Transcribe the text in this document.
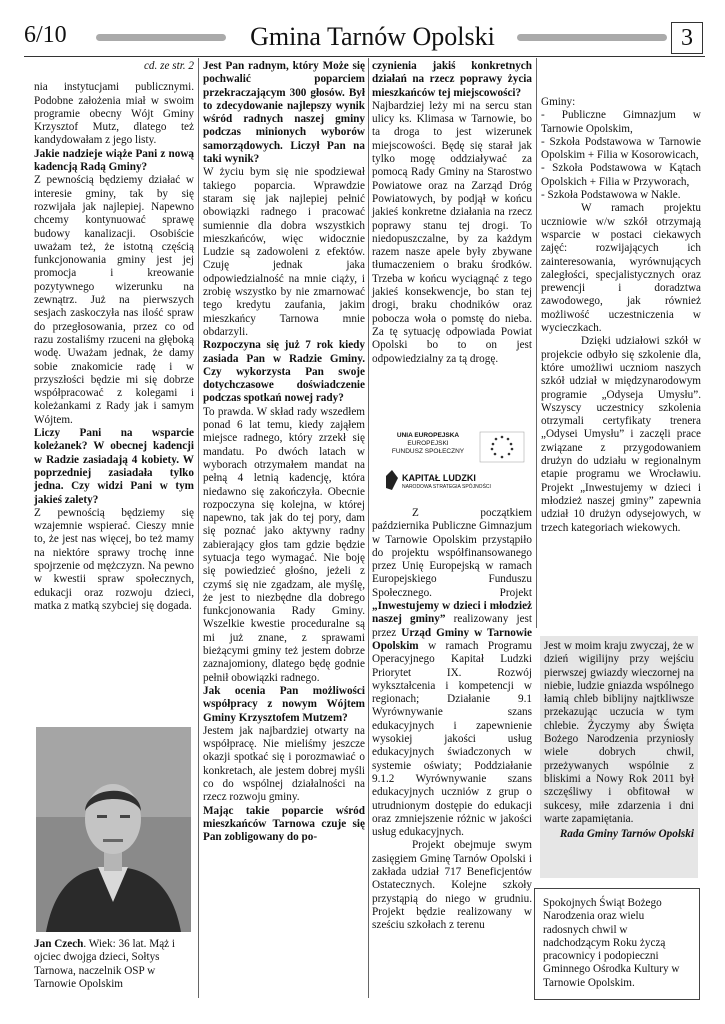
6/10	Gmina Tarnów Opolski	3

cd. ze str. 2

nia instytucjami publicznymi. Podobne założenia miał w swoim programie obecny Wójt Gminy Krzysztof Mutz, dlatego też kandydowałam z jego listy.

Jakie nadzieje wiąże Pani z nową kadencją Radą Gminy?

Z pewnością będziemy działać w interesie gminy, tak by się rozwijała jak najlepiej. Napewno chcemy kontynuować sprawę budowy kanalizacji. Osobiście uważam też, że istotną częścią funkcjonowania gminy jest jej promocja i kreowanie pozytywnego wizerunku na zewnątrz. Już na pierwszych sesjach zaskoczyła nas ilość spraw do przegłosowania, przez co od razu zostaliśmy rzuceni na głęboką wodę. Uważam jednak, że damy sobie znakomicie radę i w przyszłości będzie mi się dobrze współpracować z kolegami i koleżankami z Rady jak i samym Wójtem.

Liczy Pani na wsparcie koleżanek? W obecnej kadencji w Radzie zasiadają 4 kobiety. W poprzedniej zasiadała tylko jedna. Czy widzi Pani w tym jakieś zalety?

Z pewnością będziemy się wzajemnie wspierać. Cieszy mnie to, że jest nas więcej, bo też mamy na niektóre sprawy trochę inne spojrzenie od mężczyzn. Na pewno w kwestii spraw społecznych, edukacji oraz rozwoju dzieci, matka z matką szybciej się dogada.

Jan Czech. Wiek: 36 lat. Mąż i ojciec dwojga dzieci, Sołtys Tarnowa, naczelnik OSP w Tarnowie Opolskim

Jest Pan radnym, który Może się pochwalić poparciem przekraczającym 300 głosów. Był to zdecydowanie najlepszy wynik wśród radnych naszej gminy podczas minionych wyborów samorządowych. Liczył Pan na taki wynik?

W życiu bym się nie spodziewał takiego poparcia. Wprawdzie staram się jak najlepiej pełnić obowiązki radnego i pracować sumiennie dla dobra wszystkich mieszkańców, więc widocznie Ludzie są zadowoleni z efektów. Czuję jednak jaka odpowiedzialność na mnie ciąży, i zrobię wszystko by nie zmarnować tego kredytu zaufania, jakim mieszkańcy Tarnowa mnie obdarzyli.

Rozpoczyna się już 7 rok kiedy zasiada Pan w Radzie Gminy. Czy wykorzysta Pan swoje dotychczasowe doświadczenie podczas spotkań nowej rady?

To prawda. W skład rady wszedłem ponad 6 lat temu, kiedy zająłem miejsce radnego, który zrzekł się mandatu. Po dwóch latach w wyborach otrzymałem mandat na pełną 4 letnią kadencję, która niedawno się zakończyła. Obecnie rozpoczyna się kolejna, w której napewno, tak jak do tej pory, dam się poznać jako aktywny radny zabierający głos tam gdzie będzie sytuacja tego wymagać. Nie boję się powiedzieć głośno, jeżeli z czymś się nie zgadzam, ale myślę, że jest to niezbędne dla dobrego funkcjonowania Rady Gminy. Wszelkie kwestie proceduralne są mi już znane, z sprawami bieżącymi gminy też jestem dobrze zaznajomiony, dlatego będę godnie pełnił obowiązki radnego.

Jak ocenia Pan możliwości współpracy z nowym Wójtem Gminy Krzysztofem Mutzem?

Jestem jak najbardziej otwarty na współpracę. Nie mieliśmy jeszcze okazji spotkać się i porozmawiać o konkretach, ale jestem dobrej myśli co do wspólnej działalności na rzecz rozwoju gminy.

Mając takie poparcie wśród mieszkańców Tarnowa czuje się Pan zobligowany do po-

czynienia jakiś konkretnych działań na rzecz poprawy życia mieszkańców tej miejscowości?

Najbardziej leży mi na sercu stan ulicy ks. Klimasa w Tarnowie, bo ta droga to jest wizerunek miejscowości. Będę się starał jak tylko mogę oddziaływać za pomocą Rady Gminy na Starostwo Powiatowe oraz na Zarząd Dróg Powiatowych, by podjął w końcu jakieś konkretne działania na rzecz poprawy stanu tej drogi. To niedopuszczalne, by za każdym razem nasze apele były zbywane tłumaczeniem o braku środków. Trzeba w końcu wyciągnąć z tego jakieś konsekwencje, bo stan tej drogi, braku chodników oraz poboczа woła o pomstę do nieba. Za tę sytuację odpowiada Powiat Opolski bo to on jest odpowiedzialny za tą drogę.

UNIA EUROPEJSKA
EUROPEJSKI
FUNDUSZ SPOŁECZNY
KAPITAŁ LUDZKI
NARODOWA STRATEGIA SPÓJNOŚCI

Z początkiem października Publiczne Gimnazjum w Tarnowie Opolskim przystąpiło do projektu współfinansowanego przez Unię Europejską w ramach Europejskiego Funduszu Społecznego. Projekt „Inwestujemy w dzieci i młodzież naszej gminy” realizowany jest przez Urząd Gminy w Tarnowie Opolskim w ramach Programu Operacyjnego Kapitał Ludzki Priorytet IX. Rozwój wykształcenia i kompetencji w regionach; Działanie 9.1 Wyrównywanie szans edukacyjnych i zapewnienie wysokiej jakości usług edukacyjnych świadczonych w systemie oświaty; Poddziałanie 9.1.2 Wyrównywanie szans edukacyjnych uczniów z grup o utrudnionym dostępie do edukacji oraz zmniejszenie różnic w jakości usług edukacyjnych.

Projekt obejmuje swym zasięgiem Gminę Tarnów Opolski i zakłada udział 717 Beneficjentów Ostatecznych. Kolejne szkoły przystąpią do niego w grudniu. Projekt będzie realizowany w sześciu szkołach z terenu

Gminy:

- Publiczne Gimnazjum w Tarnowie Opolskim,

- Szkoła Podstawowa w Tarnowie Opolskim + Filia w Kosorowicach,

- Szkoła Podstawowa w Kątach Opolskich + Filia w Przyworach,

- Szkoła Podstawowa w Nakle.

W ramach projektu uczniowie w/w szkół otrzymają wsparcie w postaci ciekawych zajęć: rozwijających ich zainteresowania, wyrównujących zaległości, specjalistycznych oraz prewencji i doradztwa zawodowego, jak również możliwość uczestniczenia w wycieczkach.

Dzięki udziałowi szkół w projekcie odbyło się szkolenie dla, które umożliwi uczniom naszych szkół udział w międzynarodowym programie „Odyseja Umysłu”. Wszyscy uczestnicy szkolenia otrzymali certyfikaty trenera „Odysei Umysłu” i zaczęli prace związane z przygodowaniem drużyn do udziału w regionalnym etapie programu we Wrocławiu. Projekt „Inwestujemy w dzieci i młodzież naszej gminy” zapewnia udział 10 drużyn odysejowych, w trzech kategoriach wiekowych.

Jest w moim kraju zwyczaj, że w dzień wigilijny przy wejściu pierwszej gwiazdy wieczornej na niebie, ludzie gniazda wspólnego łamią chleb biblijny najtkliwsze przekazując uczucia w tym chlebie. Życzymy aby Święta Bożego Narodzenia przyniosły wiele dobrych chwil, przeżywanych wspólnie z bliskimi a Nowy Rok 2011 był szczęśliwy i obfitował w sukcesy, miłe zdarzenia i dni warte zapamiętania.

Rada Gminy Tarnów Opolski

Spokojnych Świąt Bożego Narodzenia oraz wielu radosnych chwil w nadchodzącym Roku życzą pracownicy i podopieczni Gminnego Ośrodka Kultury w Tarnowie Opolskim.
